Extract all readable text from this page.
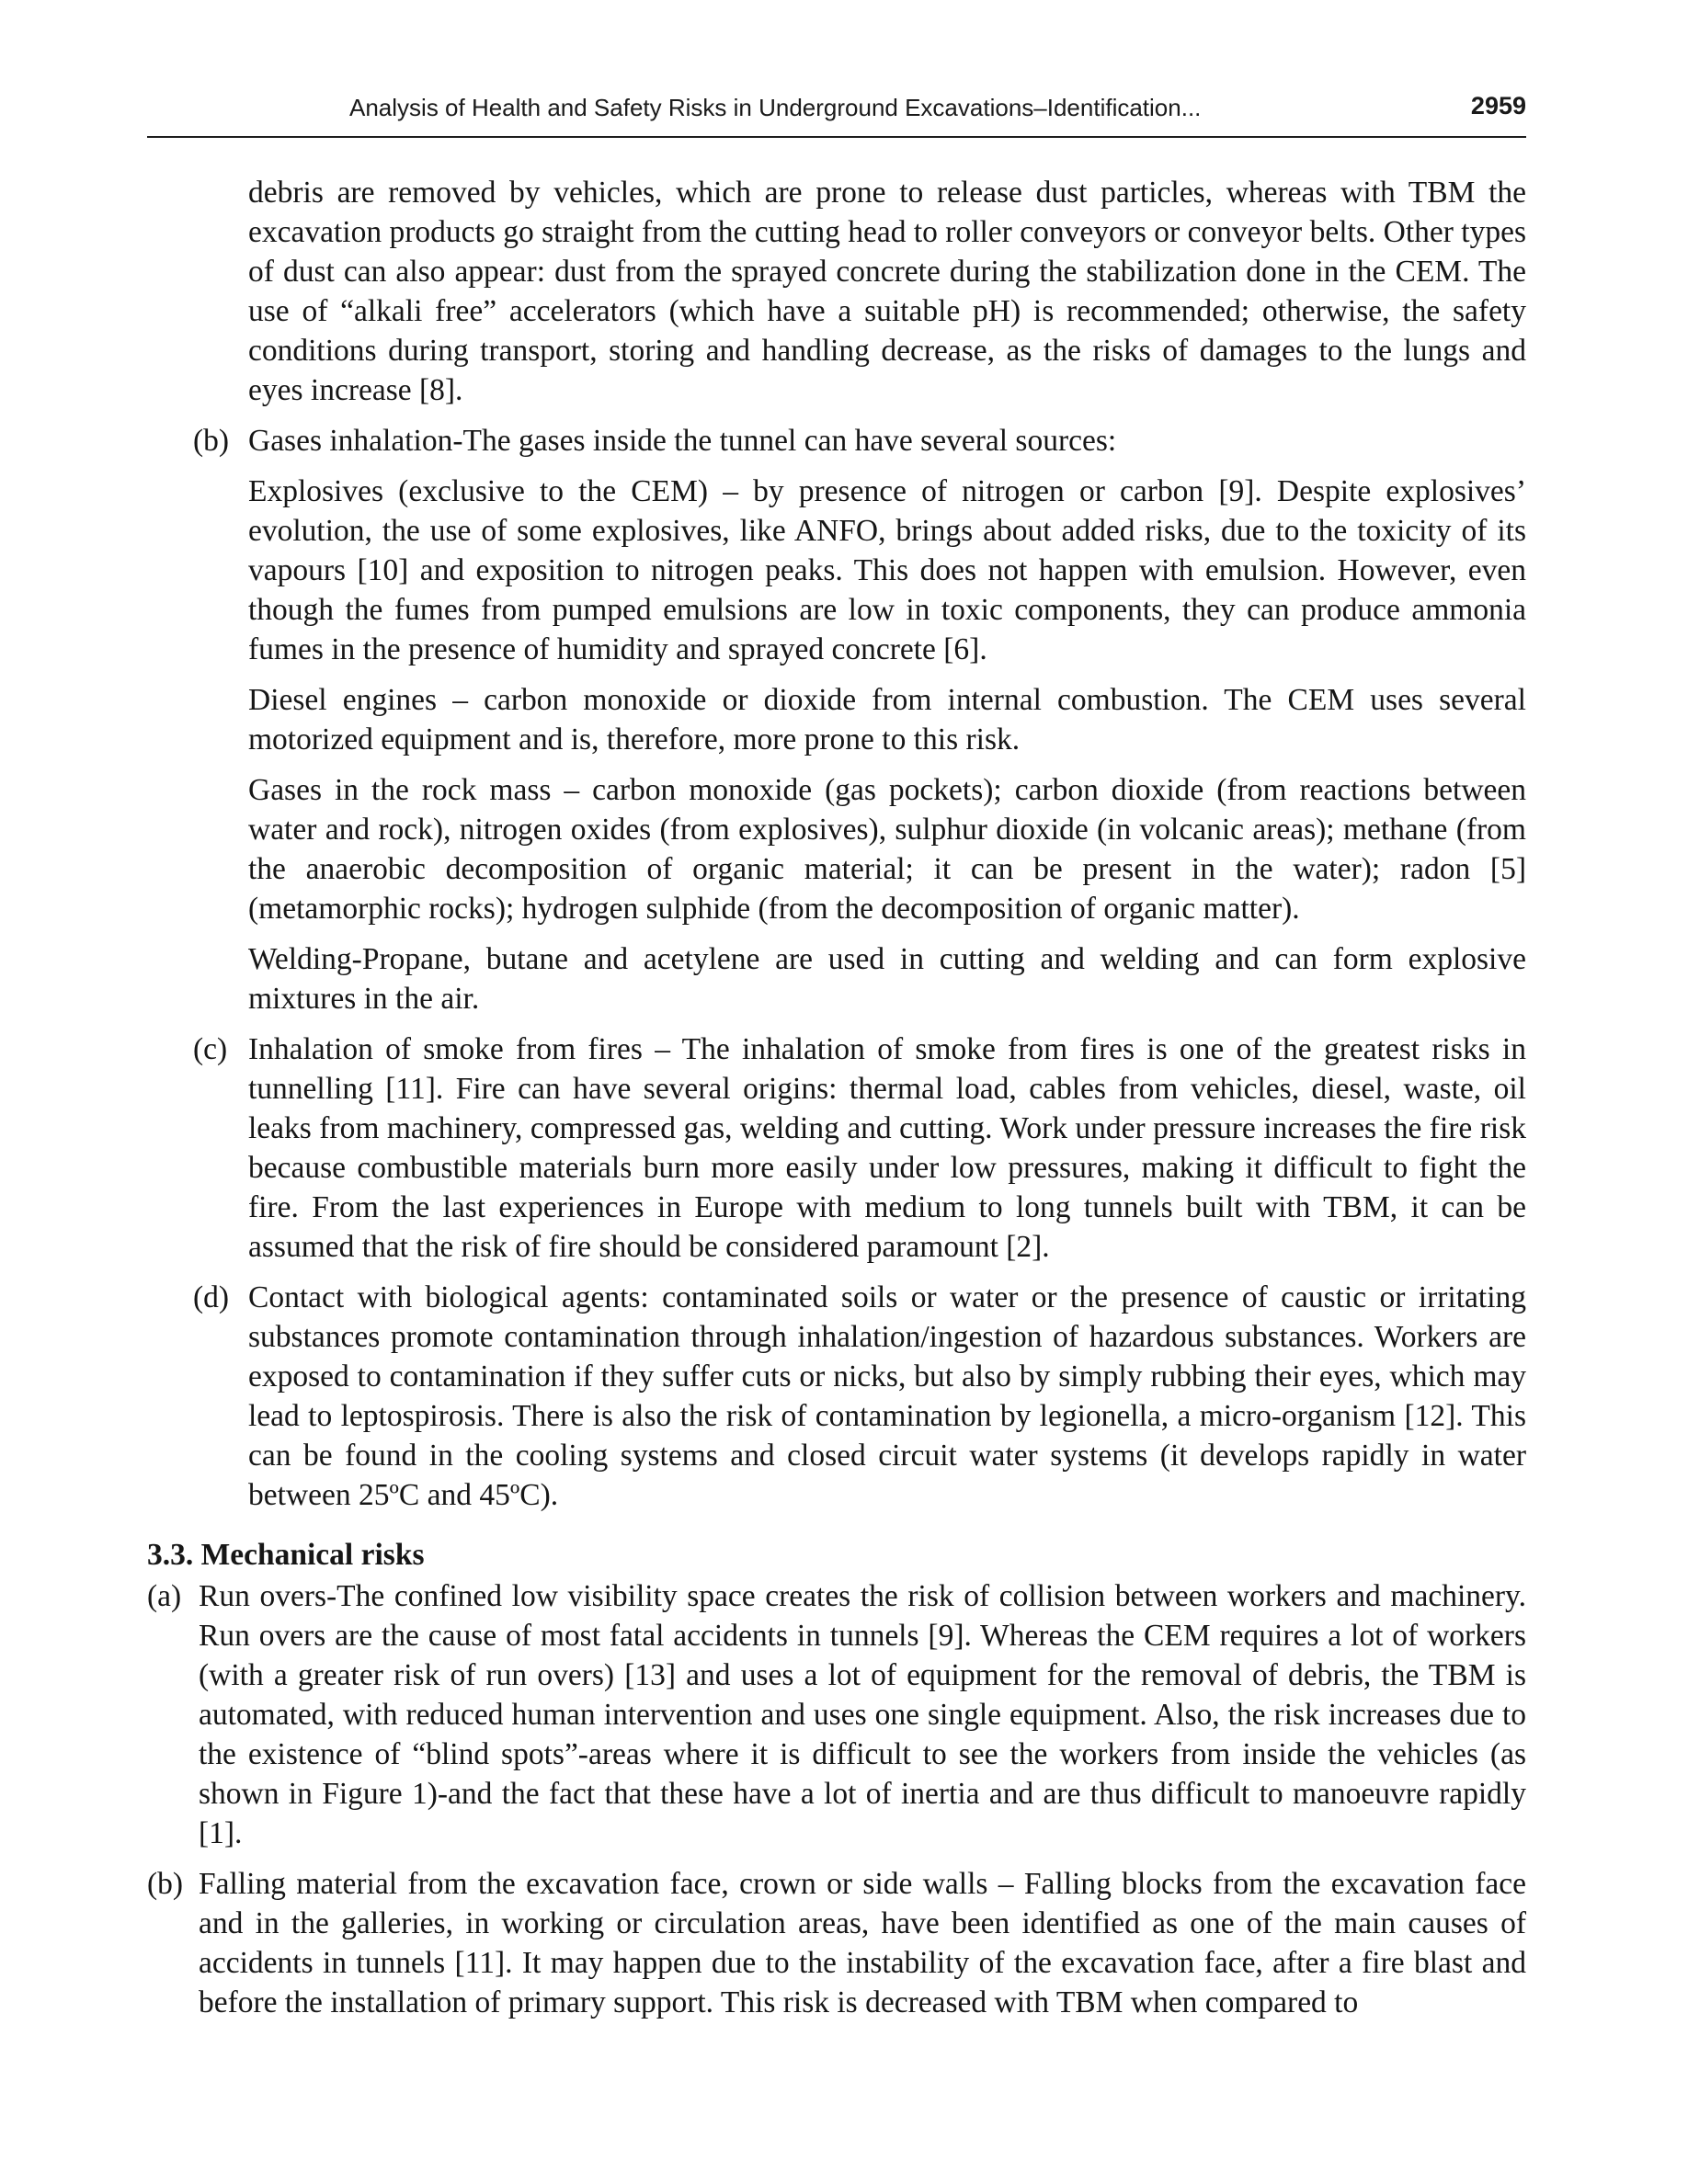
Analysis of Health and Safety Risks in Underground Excavations–Identification...	2959

debris are removed by vehicles, which are prone to release dust particles, whereas with TBM the excavation products go straight from the cutting head to roller conveyors or conveyor belts. Other types of dust can also appear: dust from the sprayed concrete during the stabilization done in the CEM. The use of “alkali free” accelerators (which have a suitable pH) is recommended; otherwise, the safety conditions during transport, storing and handling decrease, as the risks of damages to the lungs and eyes increase [8].

(b) Gases inhalation-The gases inside the tunnel can have several sources:

Explosives (exclusive to the CEM) – by presence of nitrogen or carbon [9]. Despite explosives’ evolution, the use of some explosives, like ANFO, brings about added risks, due to the toxicity of its vapours [10] and exposition to nitrogen peaks. This does not happen with emulsion. However, even though the fumes from pumped emulsions are low in toxic components, they can produce ammonia fumes in the presence of humidity and sprayed concrete [6].

Diesel engines – carbon monoxide or dioxide from internal combustion. The CEM uses several motorized equipment and is, therefore, more prone to this risk.

Gases in the rock mass – carbon monoxide (gas pockets); carbon dioxide (from reactions between water and rock), nitrogen oxides (from explosives), sulphur dioxide (in volcanic areas); methane (from the anaerobic decomposition of organic material; it can be present in the water); radon [5] (metamorphic rocks); hydrogen sulphide (from the decomposition of organic matter).

Welding-Propane, butane and acetylene are used in cutting and welding and can form explosive mixtures in the air.

(c) Inhalation of smoke from fires – The inhalation of smoke from fires is one of the greatest risks in tunnelling [11]. Fire can have several origins: thermal load, cables from vehicles, diesel, waste, oil leaks from machinery, compressed gas, welding and cutting. Work under pressure increases the fire risk because combustible materials burn more easily under low pressures, making it difficult to fight the fire. From the last experiences in Europe with medium to long tunnels built with TBM, it can be assumed that the risk of fire should be considered paramount [2].

(d) Contact with biological agents: contaminated soils or water or the presence of caustic or irritating substances promote contamination through inhalation/ingestion of hazardous substances. Workers are exposed to contamination if they suffer cuts or nicks, but also by simply rubbing their eyes, which may lead to leptospirosis. There is also the risk of contamination by legionella, a micro-organism [12]. This can be found in the cooling systems and closed circuit water systems (it develops rapidly in water between 25ºC and 45ºC).

3.3. Mechanical risks

(a) Run overs-The confined low visibility space creates the risk of collision between workers and machinery. Run overs are the cause of most fatal accidents in tunnels [9]. Whereas the CEM requires a lot of workers (with a greater risk of run overs) [13] and uses a lot of equipment for the removal of debris, the TBM is automated, with reduced human intervention and uses one single equipment. Also, the risk increases due to the existence of “blind spots”-areas where it is difficult to see the workers from inside the vehicles (as shown in Figure 1)-and the fact that these have a lot of inertia and are thus difficult to manoeuvre rapidly [1].

(b) Falling material from the excavation face, crown or side walls – Falling blocks from the excavation face and in the galleries, in working or circulation areas, have been identified as one of the main causes of accidents in tunnels [11]. It may happen due to the instability of the excavation face, after a fire blast and before the installation of primary support. This risk is decreased with TBM when compared to
